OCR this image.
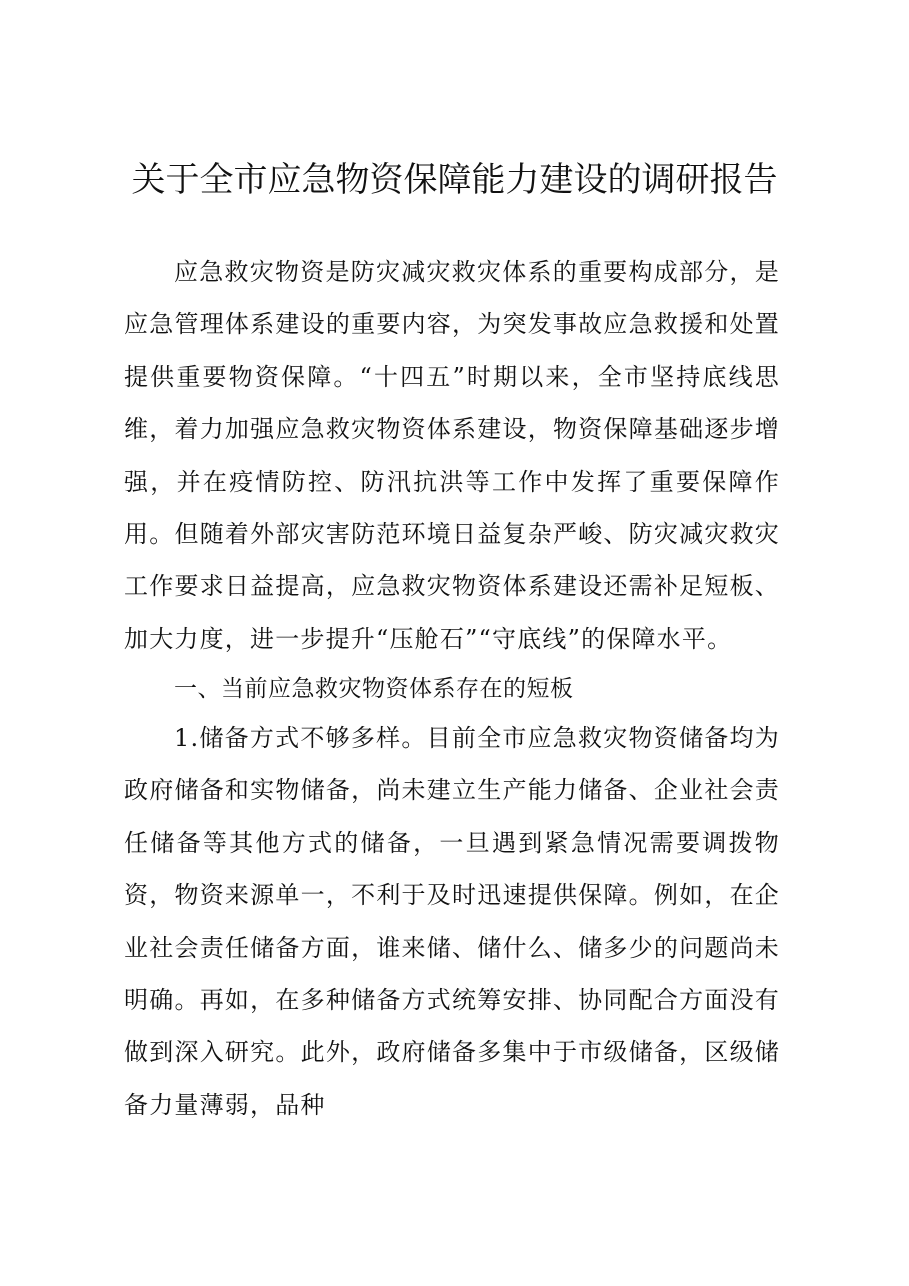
关于全市应急物资保障能力建设的调研报告

应急救灾物资是防灾减灾救灾体系的重要构成部分，是应急管理体系建设的重要内容，为突发事故应急救援和处置提供重要物资保障。“十四五”时期以来，全市坚持底线思维，着力加强应急救灾物资体系建设，物资保障基础逐步增强，并在疫情防控、防汛抗洪等工作中发挥了重要保障作用。但随着外部灾害防范环境日益复杂严峻、防灾减灾救灾工作要求日益提高，应急救灾物资体系建设还需补足短板、加大力度，进一步提升“压舱石”“守底线”的保障水平。

一、当前应急救灾物资体系存在的短板

1.储备方式不够多样。目前全市应急救灾物资储备均为政府储备和实物储备，尚未建立生产能力储备、企业社会责任储备等其他方式的储备，一旦遇到紧急情况需要调拨物资，物资来源单一，不利于及时迅速提供保障。例如，在企业社会责任储备方面，谁来储、储什么、储多少的问题尚未明确。再如，在多种储备方式统筹安排、协同配合方面没有做到深入研究。此外，政府储备多集中于市级储备，区级储备力量薄弱，品种
